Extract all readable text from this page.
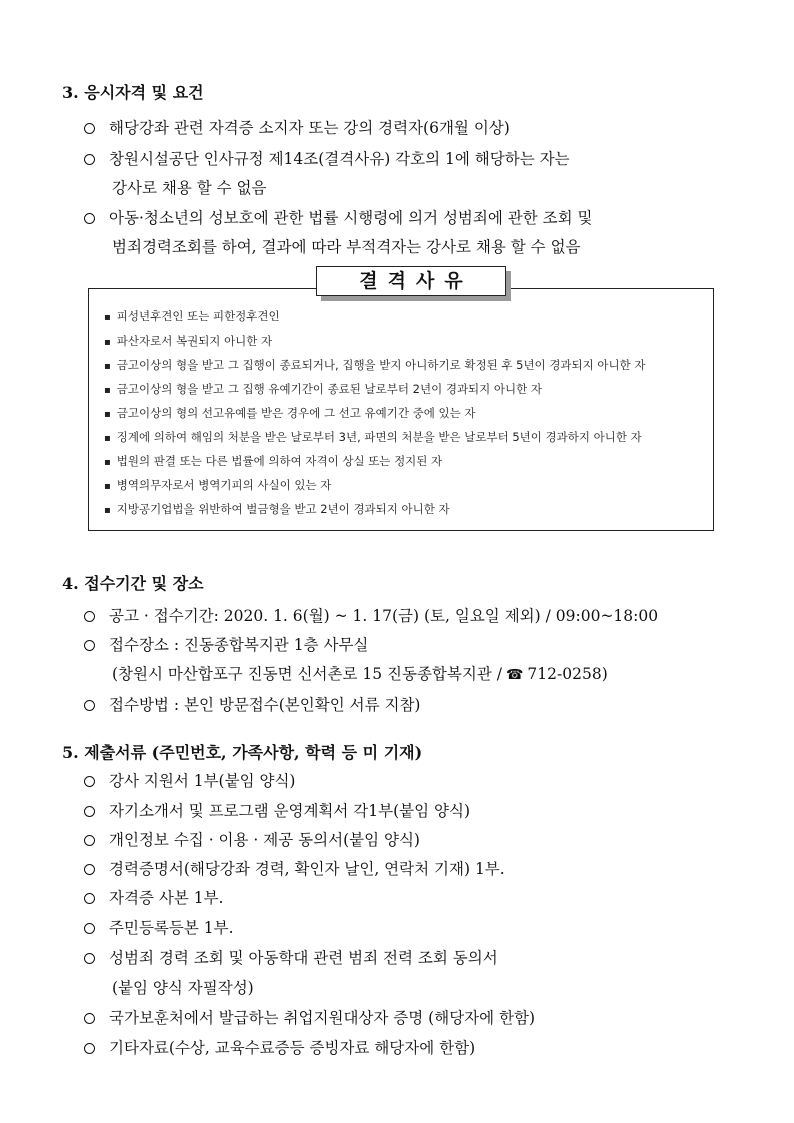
3. 응시자격 및 요건
해당강좌 관련 자격증 소지자 또는 강의 경력자(6개월 이상)
창원시설공단 인사규정 제14조(결격사유) 각호의 1에 해당하는 자는
강사로 채용 할 수 없음
아동·청소년의 성보호에 관한 법률 시행령에 의거 성범죄에 관한 조회 및
범죄경력조회를 하여, 결과에 따라 부적격자는 강사로 채용 할 수 없음
결격사유
▪ 피성년후견인 또는 피한정후견인
▪ 파산자로서 복권되지 아니한 자
▪ 금고이상의 형을 받고 그 집행이 종료되거나, 집행을 받지 아니하기로 확정된 후 5년이 경과되지 아니한 자
▪ 금고이상의 형을 받고 그 집행 유예기간이 종료된 날로부터 2년이 경과되지 아니한 자
▪ 금고이상의 형의 선고유예를 받은 경우에 그 선고 유예기간 중에 있는 자
▪ 징계에 의하여 해임의 처분을 받은 날로부터 3년, 파면의 처분을 받은 날로부터 5년이 경과하지 아니한 자
▪ 법원의 판결 또는 다른 법률에 의하여 자격이 상실 또는 정지된 자
▪ 병역의무자로서 병역기피의 사실이 있는 자
▪ 지방공기업법을 위반하여 벌금형을 받고 2년이 경과되지 아니한 자
4. 접수기간 및 장소
공고 · 접수기간: 2020. 1. 6(월) ~ 1. 17(금) (토, 일요일 제외) / 09:00~18:00
접수장소 : 진동종합복지관 1층 사무실
(창원시 마산합포구 진동면 신서촌로 15 진동종합복지관 / ☎ 712-0258)
접수방법 : 본인 방문접수(본인확인 서류 지참)
5. 제출서류 (주민번호, 가족사항, 학력 등 미 기재)
강사 지원서 1부(붙임 양식)
자기소개서 및 프로그램 운영계획서 각1부(붙임 양식)
개인정보 수집 · 이용 · 제공 동의서(붙임 양식)
경력증명서(해당강좌 경력, 확인자 날인, 연락처 기재) 1부.
자격증 사본 1부.
주민등록등본 1부.
성범죄 경력 조회 및 아동학대 관련 범죄 전력 조회 동의서
(붙임 양식 자필작성)
국가보훈처에서 발급하는 취업지원대상자 증명 (해당자에 한함)
기타자료(수상, 교육수료증등 증빙자료 해당자에 한함)
